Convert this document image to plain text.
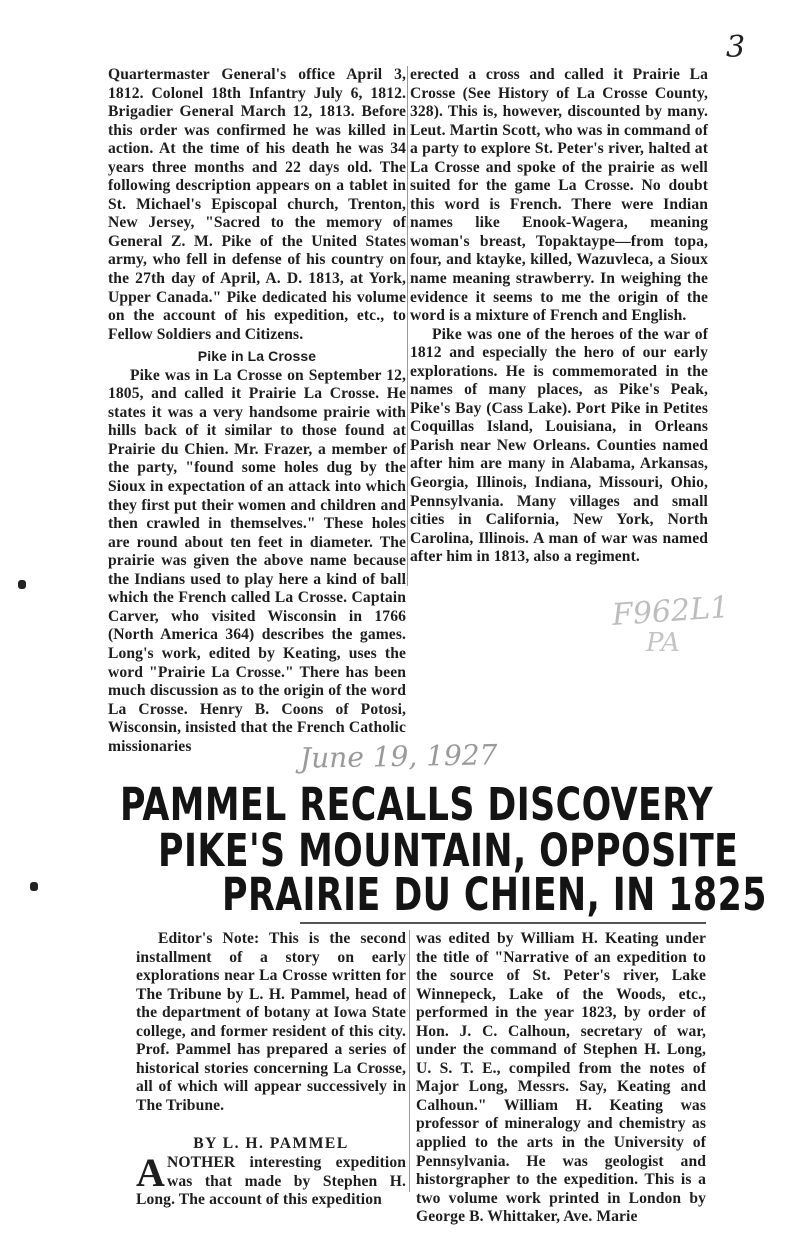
3

Quartermaster General's office April 3, 1812. Colonel 18th Infantry July 6, 1812. Brigadier General March 12, 1813. Before this order was confirmed he was killed in action. At the time of his death he was 34 years three months and 22 days old. The following description appears on a tablet in St. Michael's Episcopal church, Trenton, New Jersey, "Sacred to the memory of General Z. M. Pike of the United States army, who fell in defense of his country on the 27th day of April, A. D. 1813, at York, Upper Canada." Pike dedicated his volume on the account of his expedition, etc., to Fellow Soldiers and Citizens.

Pike in La Crosse

Pike was in La Crosse on September 12, 1805, and called it Prairie La Crosse. He states it was a very handsome prairie with hills back of it similar to those found at Prairie du Chien. Mr. Frazer, a member of the party, "found some holes dug by the Sioux in expectation of an attack into which they first put their women and children and then crawled in themselves." These holes are round about ten feet in diameter. The prairie was given the above name because the Indians used to play here a kind of ball which the French called La Crosse. Captain Carver, who visited Wisconsin in 1766 (North America 364) describes the games. Long's work, edited by Keating, uses the word "Prairie La Crosse." There has been much discussion as to the origin of the word La Crosse. Henry B. Coons of Potosi, Wisconsin, insisted that the French Catholic missionaries

erected a cross and called it Prairie La Crosse (See History of La Crosse County, 328). This is, however, discounted by many. Leut. Martin Scott, who was in command of a party to explore St. Peter's river, halted at La Crosse and spoke of the prairie as well suited for the game La Crosse. No doubt this word is French. There were Indian names like Enook-Wagera, meaning woman's breast, Topaktaype—from topa, four, and ktayke, killed, Wazuvleca, a Sioux name meaning strawberry. In weighing the evidence it seems to me the origin of the word is a mixture of French and English.

Pike was one of the heroes of the war of 1812 and especially the hero of our early explorations. He is commemorated in the names of many places, as Pike's Peak, Pike's Bay (Cass Lake). Port Pike in Petites Coquillas Island, Louisiana, in Orleans Parish near New Orleans. Counties named after him are many in Alabama, Arkansas, Georgia, Illinois, Indiana, Missouri, Ohio, Pennsylvania. Many villages and small cities in California, New York, North Carolina, Illinois. A man of war was named after him in 1813, also a regiment.

F962L1
PA
June 19, 1927
PAMMEL RECALLS DISCOVERY
PIKE'S MOUNTAIN, OPPOSITE
PRAIRIE DU CHIEN, IN 1825

Editor's Note: This is the second installment of a story on early explorations near La Crosse written for The Tribune by L. H. Pammel, head of the department of botany at Iowa State college, and former resident of this city. Prof. Pammel has prepared a series of historical stories concerning La Crosse, all of which will appear successively in The Tribune.

BY L. H. PAMMEL

ANOTHER interesting expedition was that made by Stephen H. Long. The account of this expedition

was edited by William H. Keating under the title of "Narrative of an expedition to the source of St. Peter's river, Lake Winnepeck, Lake of the Woods, etc., performed in the year 1823, by order of Hon. J. C. Calhoun, secretary of war, under the command of Stephen H. Long, U. S. T. E., compiled from the notes of Major Long, Messrs. Say, Keating and Calhoun." William H. Keating was professor of mineralogy and chemistry as applied to the arts in the University of Pennsylvania. He was geologist and historgrapher to the expedition. This is a two volume work printed in London by George B. Whittaker, Ave. Marie
